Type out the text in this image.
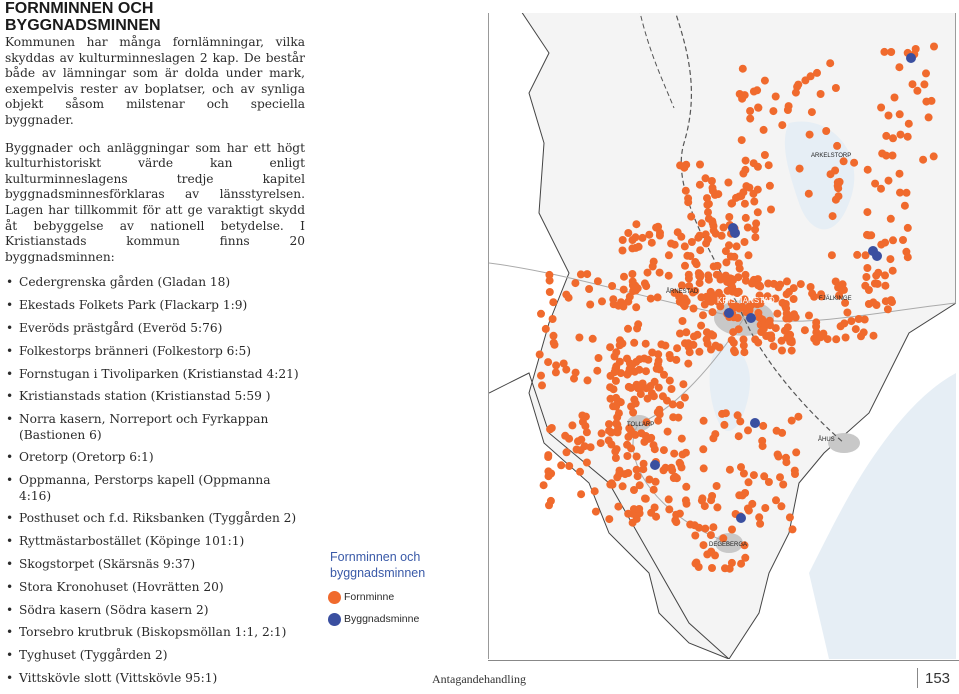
FORNMINNEN OCH BYGGNADSMINNEN

Kommunen har många fornlämningar, vilka skyddas av kulturminneslagen 2 kap. De består både av lämningar som är dolda under mark, exempelvis rester av boplatser, och av synliga objekt såsom milstenar och speciella byggnader.

Byggnader och anläggningar som har ett högt kulturhistoriskt värde kan enligt kulturminneslagens tredje kapitel byggnadsminnesförklaras av länsstyrelsen. Lagen har tillkommit för att ge varaktigt skydd åt bebyggelse av nationell betydelse. I Kristianstads kommun finns 20 byggnadsminnen:

• Cedergrenska gården (Gladan 18)
• Ekestads Folkets Park (Flackarp 1:9)
• Everöds prästgård (Everöd 5:76)
• Folkestorps bränneri (Folkestorp 6:5)
• Fornstugan i Tivoliparken (Kristianstad 4:21)
• Kristianstads station (Kristianstad 5:59 )
• Norra kasern, Norreport och Fyrkappan (Bastionen 6)
• Oretorp (Oretorp 6:1)
• Oppmanna, Perstorps kapell (Oppmanna 4:16)
• Posthuset och f.d. Riksbanken (Tyggården 2)
• Ryttmästarbostället (Köpinge 101:1)
• Skogstorpet (Skärsnäs 9:37)
• Stora Kronohuset (Hovrätten 20)
• Södra kasern (Södra kasern 2)
• Torsebro krutbruk (Biskopsmöllan 1:1, 2:1)
• Tyghuset (Tyggården 2)
• Vittskövle slott (Vittskövle 95:1)
ARKELSTORP
ÅRNESTAD
KRISTIANSTAD	FJÄLKINGE
TOLLARP
ÅHUS
DEGEBERGA
Fornminnen och byggnadsminnen
Fornminne
Byggnadsminne
Antagandehandling	153
